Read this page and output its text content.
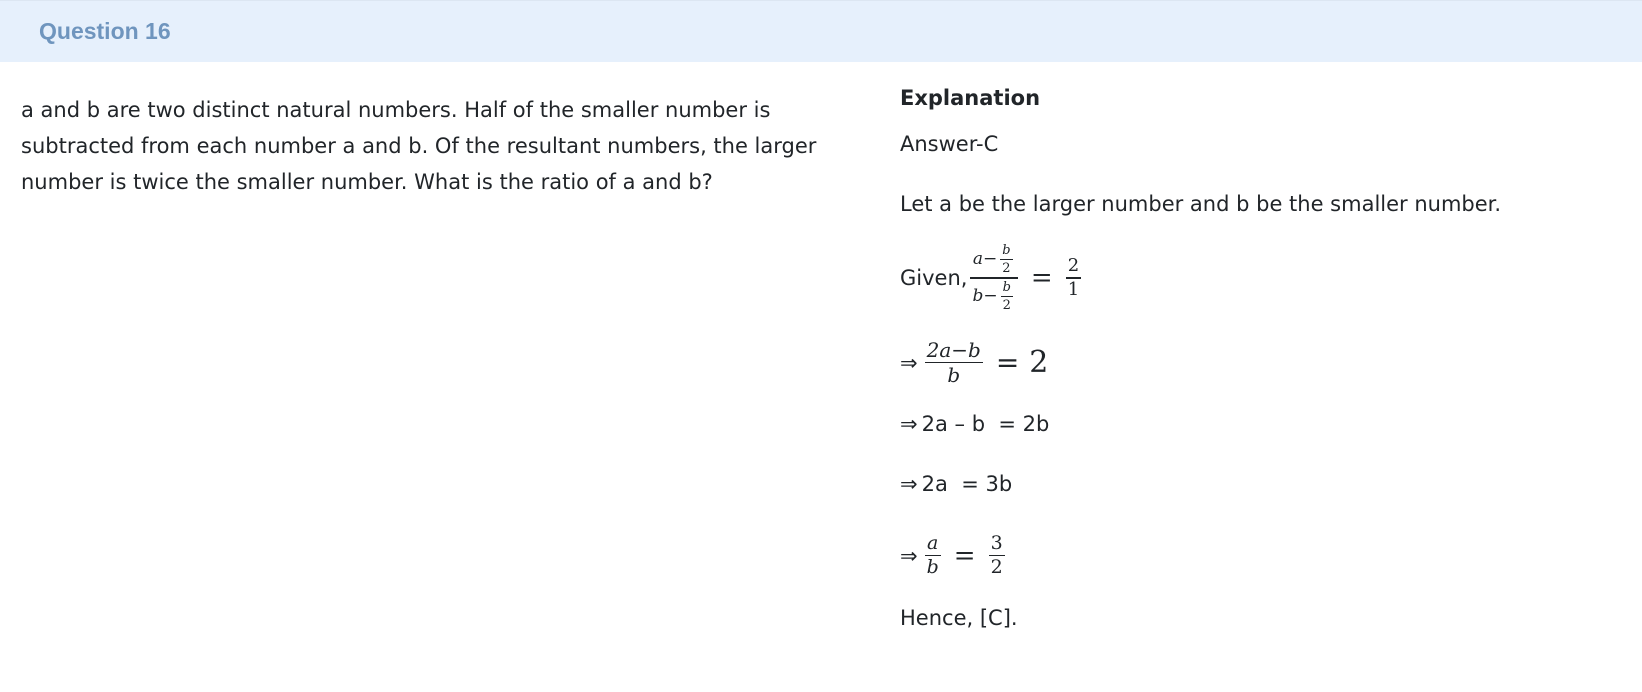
Question 16
a and b are two distinct natural numbers. Half of the smaller number is subtracted from each number a and b. Of the resultant numbers, the larger number is twice the smaller number. What is the ratio of a and b?
Explanation
Answer-C
Let a be the larger number and b be the smaller number.
Given, $\frac{a - \frac{b}{2}}{b - \frac{b}{2}} = \frac{2}{1}$
⇒ $\frac{2a-b}{b} = 2$
⇒ 2a – b  = 2b
⇒ 2a  = 3b
⇒ $\frac{a}{b} = \frac{3}{2}$
Hence, [C].
